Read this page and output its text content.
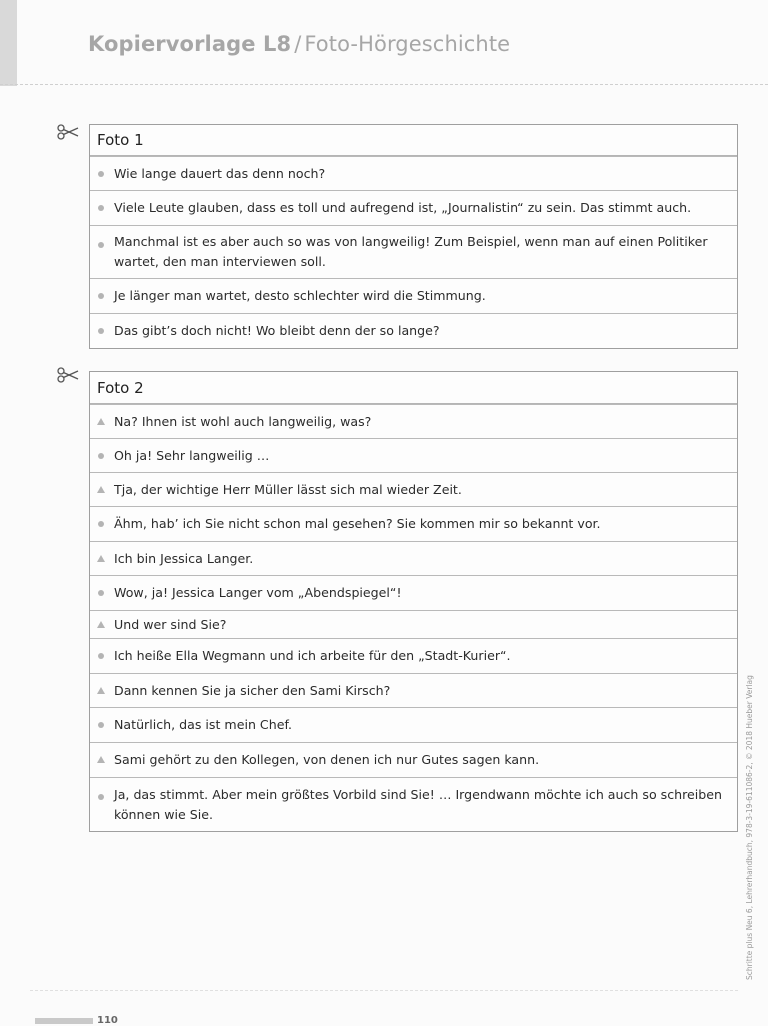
Kopiervorlage L8 / Foto-Hörgeschichte
Foto 1
Wie lange dauert das denn noch?
Viele Leute glauben, dass es toll und aufregend ist, „Journalistin“ zu sein. Das stimmt auch.
Manchmal ist es aber auch so was von langweilig! Zum Beispiel, wenn man auf einen Politiker wartet, den man interviewen soll.
Je länger man wartet, desto schlechter wird die Stimmung.
Das gibt’s doch nicht! Wo bleibt denn der so lange?
Foto 2
Na? Ihnen ist wohl auch langweilig, was?
Oh ja! Sehr langweilig …
Tja, der wichtige Herr Müller lässt sich mal wieder Zeit.
Ähm, hab’ ich Sie nicht schon mal gesehen? Sie kommen mir so bekannt vor.
Ich bin Jessica Langer.
Wow, ja! Jessica Langer vom „Abendspiegel“!
Und wer sind Sie?
Ich heiße Ella Wegmann und ich arbeite für den „Stadt-Kurier“.
Dann kennen Sie ja sicher den Sami Kirsch?
Natürlich, das ist mein Chef.
Sami gehört zu den Kollegen, von denen ich nur Gutes sagen kann.
Ja, das stimmt. Aber mein größtes Vorbild sind Sie! … Irgendwann möchte ich auch so schreiben können wie Sie.	Schritte plus Neu 6, Lehrerhandbuch, 978-3-19-611086-2, © 2018 Hueber Verlag
110
